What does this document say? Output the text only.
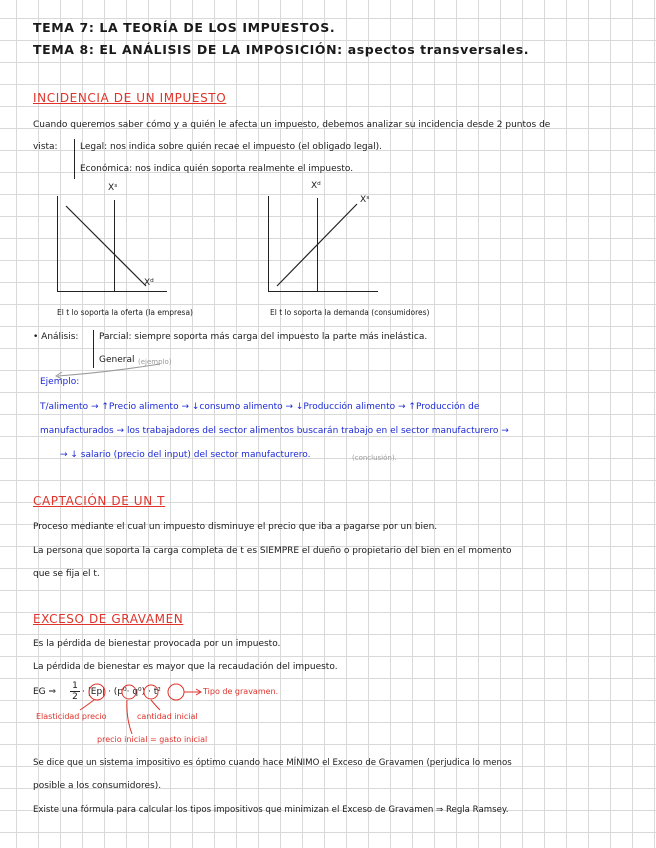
TEMA 7: LA TEORÍA DE LOS IMPUESTOS.
TEMA 8: EL ANÁLISIS DE LA IMPOSICIÓN: aspectos transversales.
INCIDENCIA DE UN IMPUESTO
Cuando queremos saber cómo y a quién le afecta un impuesto, debemos analizar su incidencia desde 2 puntos de
vista: Legal: nos indica sobre quién recae el impuesto (el obligado legal).
Económica: nos indica quién soporta realmente el impuesto.
Xˢ
Xᵈ
El t lo soporta la oferta (la empresa)
Xᵈ
Xˢ
El t lo soporta la demanda (consumidores)
• Análisis: Parcial: siempre soporta más carga del impuesto la parte más inelástica.
General (ejemplo)
Ejemplo:
T/alimento → ↑Precio alimento → ↓consumo alimento → ↓Producción alimento → ↑Producción de
manufacturados → los trabajadores del sector alimentos buscarán trabajo en el sector manufacturero →
→ ↓ salario (precio del input) del sector manufacturero.	(conclusión).
CAPTACIÓN DE UN T
Proceso mediante el cual un impuesto disminuye el precio que iba a pagarse por un bien.
La persona que soporta la carga completa de t es SIEMPRE el dueño o propietario del bien en el momento
que se fija el t.
EXCESO DE GRAVAMEN
Es la pérdida de bienestar provocada por un impuesto.
La pérdida de bienestar es mayor que la recaudación del impuesto.
EG ⇒ $\frac{1}{2} \cdot |Ep| \cdot (p^0\cdot q^0) \cdot t^2$	Tipo de gravamen.
Elasticidad precio	cantidad inicial
precio inicial = gasto inicial
Se dice que un sistema impositivo es óptimo cuando hace MÍNIMO el Exceso de Gravamen (perjudica lo menos
posible a los consumidores).
Existe una fórmula para calcular los tipos impositivos que minimizan el Exceso de Gravamen ⇒ Regla Ramsey.
